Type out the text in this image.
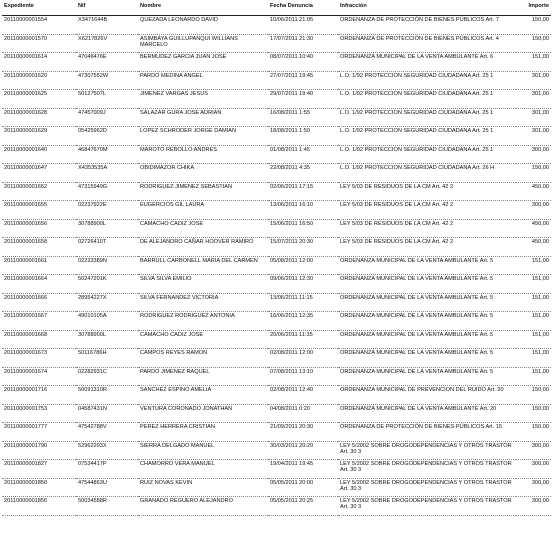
Expediente	Nif	Nombre	Fecha Denuncia	Infracción	Importe
20110000001554	X3471644B	QUEZADA LEONARDO DAVID	10/06/2011 21:05	ORDENANZA DE PROTECCIÓN DE BIENES PÚBLICOS Art. 7	150,00
20110000001570	X6217826V	ASIMBAYA GUILLUPANQUI WILLIANS MARCELO	17/07/2011 21:30	ORDENANZA DE PROTECCIÓN DE BIENES PÚBLICOS Art. 4	150,00
20110000001614	47046476E	BERMUDEZ GARCIA JUAN JOSE	08/07/2011 10:40	ORDENANZA MUNICIPAL DE LA VENTA AMBULANTE Art. 6	151,00
20110000001620	47307552W	PARDO MEDINA ANGEL	27/07/2011 19:45	L.O. 1/92 PROTECCION SEGURIDAD CIUDADANA Art. 25 1	301,00
20110000001625	50127507L	JIMENEZ VARGAS JESUS	29/07/2011 19:40	L.O. 1/92 PROTECCION SEGURIDAD CIUDADANA Art. 25 1	301,00
20110000001628	47457009J	SALAZAR GURA JOSE ADRIAN	16/08/2011 1:55	L.O. 1/92 PROTECCION SEGURIDAD CIUDADANA Art. 25 1	301,00
20110000001629	05425962D	LOPEZ SCHRODER JORGE DAMIAN	18/08/2011 1:50	L.O. 1/92 PROTECCION SEGURIDAD CIUDADANA Art. 25 1	301,00
20110000001640	46847670M	MAROTO REBOLLO ANDRES	01/08/2011 1:45	L.O. 1/92 PROTECCION SEGURIDAD CIUDADANA Art. 25 1	300,00
20110000001647	X4353535A	OBIDIMAZOR CHIKA	22/08/2011 4:35	L.O. 1/92 PROTECCION SEGURIDAD CIUDADANA Art. 26 H	150,00
20110000001652	47315949G	RODRIGUEZ JIMENEZ SEBASTIAN	02/06/2011 17:15	LEY 5/03 DE RESIDUOS DE LA CM Art. 42 2	450,00
20110000001655	02237922E	EUGERCIOS GIL LAURA	13/06/2011 16:10	LEY 5/03 DE RESIDUOS DE LA CM Art. 42 2	300,00
20110000001656	30788900L	CAMACHO CADIZ JOSE	15/06/2011 16:50	LEY 5/03 DE RESIDUOS DE LA CM Art. 42 2	450,00
20110000001658	02726410T	DE ALEJANDRO CAÑAR HOOVER RAMIRO	15/07/2011 20:30	LEY 5/03 DE RESIDUOS DE LA CM Art. 42 2	450,00
20110000001661	02223389N	BARRULL CARBONELL MARIA DEL CARMEN	05/08/2011 12:00	ORDENANZA MUNICIPAL DE LA VENTA AMBULANTE Art. 5	151,00
20110000001664	50247201K	SILVA SILVA EMILIO	09/06/2011 12:30	ORDENANZA MUNICIPAL DE LA VENTA AMBULANTE Art. 5	151,00
20110000001666	28954227X	SILVA FERNANDEZ VICTORIA	13/06/2011 11:15	ORDENANZA MUNICIPAL DE LA VENTA AMBULANTE Art. 5	151,00
20110000001667	49010105A	RODRIGUEZ RODRIGUEZ ANTONIA	16/06/2011 12:35	ORDENANZA MUNICIPAL DE LA VENTA AMBULANTE Art. 5	151,00
20110000001668	30788900L	CAMACHO CADIZ JOSE	20/06/2011 11:35	ORDENANZA MUNICIPAL DE LA VENTA AMBULANTE Art. 5	151,00
20110000001673	50116786H	CAMPOS REYES RAMON	02/08/2011 12:00	ORDENANZA MUNICIPAL DE LA VENTA AMBULANTE Art. 5	151,00
20110000001674	02282931C	PARDO JIMENEZ RAQUEL	07/08/2011 13:10	ORDENANZA MUNICIPAL DE LA VENTA AMBULANTE Art. 5	151,00
20110000001716	50091310R	SANCHEZ ESPINO AMELIA	02/08/2011 12:40	ORDENANZA MUNICIPAL DE PREVENCION DEL RUIDO Art. 20	150,00
20110000001753	04587431N	VENTURA CORONADO JONATHAN	04/08/2011 0:20	ORDENANZA MUNICIPAL DE LA VENTA AMBULANTE Art. 20	150,00
20110000001777	47542788V	PEREZ HERRERA CRISTIAN	21/09/2011 20:30	ORDENANZA DE PROTECCIÓN DE BIENES PÚBLICOS Art. 15	150,00
20110000001790	52962203X	SIERRA DELGADO MANUEL	30/03/2011 20:20	LEY 5/2002 SOBRE DROGODEPENDENCIAS Y OTROS TRASTOR Art. 30 3	300,00
20110000001827	07534417P	CHAMORRO VERA MANUEL	19/04/2011 19:45	LEY 5/2002 SOBRE DROGODEPENDENCIAS Y OTROS TRASTOR Art. 30 3	300,00
20110000001850	47544863U	RUIZ NOVAS KEVIN	05/05/2011 20:00	LEY 5/2002 SOBRE DROGODEPENDENCIAS Y OTROS TRASTOR Art. 30 3	300,00
20110000001856	50034588R	GRANADO REGUERO ALEJANDRO	05/05/2011 20:25	LEY 5/2002 SOBRE DROGODEPENDENCIAS Y OTROS TRASTOR Art. 30 3	300,00
